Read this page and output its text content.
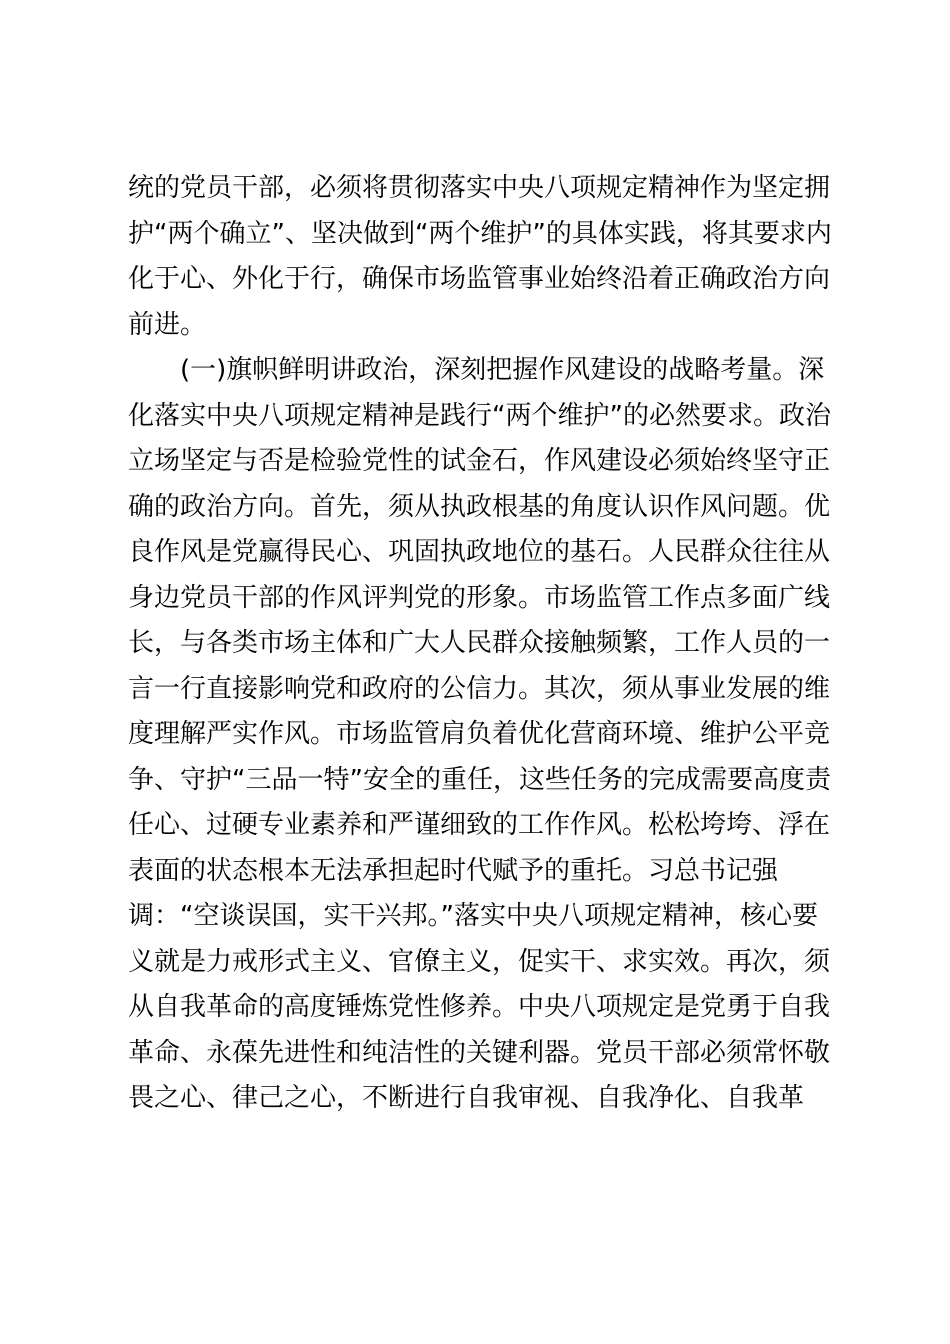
统的党员干部，必须将贯彻落实中央八项规定精神作为坚定拥
护“两个确立”、坚决做到“两个维护”的具体实践，将其要求内
化于心、外化于行，确保市场监管事业始终沿着正确政治方向
前进。
(一)旗帜鲜明讲政治，深刻把握作风建设的战略考量。深
化落实中央八项规定精神是践行“两个维护”的必然要求。政治
立场坚定与否是检验党性的试金石，作风建设必须始终坚守正
确的政治方向。首先，须从执政根基的角度认识作风问题。优
良作风是党赢得民心、巩固执政地位的基石。人民群众往往从
身边党员干部的作风评判党的形象。市场监管工作点多面广线
长，与各类市场主体和广大人民群众接触频繁，工作人员的一
言一行直接影响党和政府的公信力。其次，须从事业发展的维
度理解严实作风。市场监管肩负着优化营商环境、维护公平竞
争、守护“三品一特”安全的重任，这些任务的完成需要高度责
任心、过硬专业素养和严谨细致的工作作风。松松垮垮、浮在
表面的状态根本无法承担起时代赋予的重托。习总书记强
调：“空谈误国，实干兴邦。”落实中央八项规定精神，核心要
义就是力戒形式主义、官僚主义，促实干、求实效。再次，须
从自我革命的高度锤炼党性修养。中央八项规定是党勇于自我
革命、永葆先进性和纯洁性的关键利器。党员干部必须常怀敬
畏之心、律己之心，不断进行自我审视、自我净化、自我革
